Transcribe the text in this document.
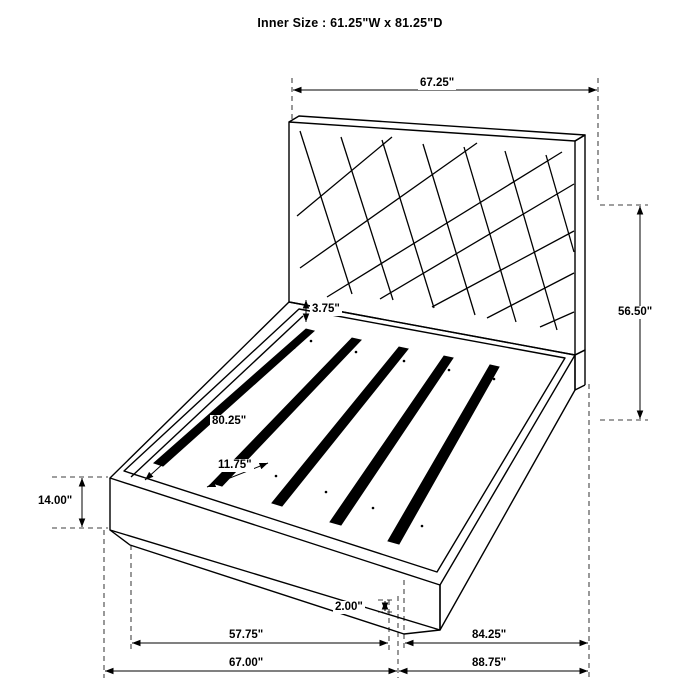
Inner Size : 61.25"W x 81.25"D
67.25"
56.50"
3.75"
80.25"
11.75"
14.00"
2.00"
57.75"	84.25"
67.00"	88.75"
